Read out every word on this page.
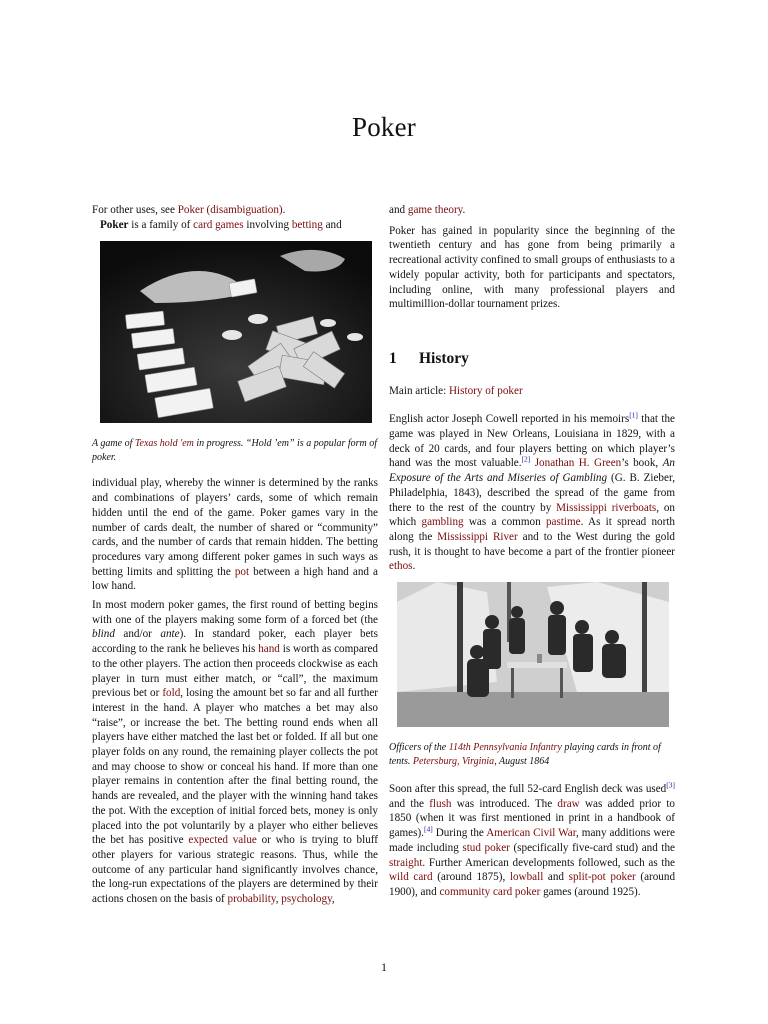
Poker

For other uses, see Poker (disambiguation).

Poker is a family of card games involving betting and

A game of Texas hold 'em in progress. “Hold ’em” is a popular form of poker.

individual play, whereby the winner is determined by the ranks and combinations of players’ cards, some of which remain hidden until the end of the game. Poker games vary in the number of cards dealt, the number of shared or “community” cards, and the number of cards that remain hidden. The betting procedures vary among different poker games in such ways as betting limits and splitting the pot between a high hand and a low hand.

In most modern poker games, the first round of betting begins with one of the players making some form of a forced bet (the blind and/or ante). In standard poker, each player bets according to the rank he believes his hand is worth as compared to the other players. The action then proceeds clockwise as each player in turn must either match, or “call”, the maximum previous bet or fold, losing the amount bet so far and all further interest in the hand. A player who matches a bet may also “raise”, or increase the bet. The betting round ends when all players have either matched the last bet or folded. If all but one player folds on any round, the remaining player collects the pot and may choose to show or conceal his hand. If more than one player remains in contention after the final betting round, the hands are revealed, and the player with the winning hand takes the pot. With the exception of initial forced bets, money is only placed into the pot voluntarily by a player who either believes the bet has positive expected value or who is trying to bluff other players for various strategic reasons. Thus, while the outcome of any particular hand significantly involves chance, the long-run expectations of the players are determined by their actions chosen on the basis of probability, psychology,

and game theory.

Poker has gained in popularity since the beginning of the twentieth century and has gone from being primarily a recreational activity confined to small groups of enthusiasts to a widely popular activity, both for participants and spectators, including online, with many professional players and multimillion-dollar tournament prizes.

1 History

Main article: History of poker

English actor Joseph Cowell reported in his memoirs[1] that the game was played in New Orleans, Louisiana in 1829, with a deck of 20 cards, and four players betting on which player’s hand was the most valuable.[2] Jonathan H. Green’s book, An Exposure of the Arts and Miseries of Gambling (G. B. Zieber, Philadelphia, 1843), described the spread of the game from there to the rest of the country by Mississippi riverboats, on which gambling was a common pastime. As it spread north along the Mississippi River and to the West during the gold rush, it is thought to have become a part of the frontier pioneer ethos.

Officers of the 114th Pennsylvania Infantry playing cards in front of tents. Petersburg, Virginia, August 1864

Soon after this spread, the full 52-card English deck was used[3] and the flush was introduced. The draw was added prior to 1850 (when it was first mentioned in print in a handbook of games).[4] During the American Civil War, many additions were made including stud poker (specifically five-card stud) and the straight. Further American developments followed, such as the wild card (around 1875), lowball and split-pot poker (around 1900), and community card poker games (around 1925).

1
